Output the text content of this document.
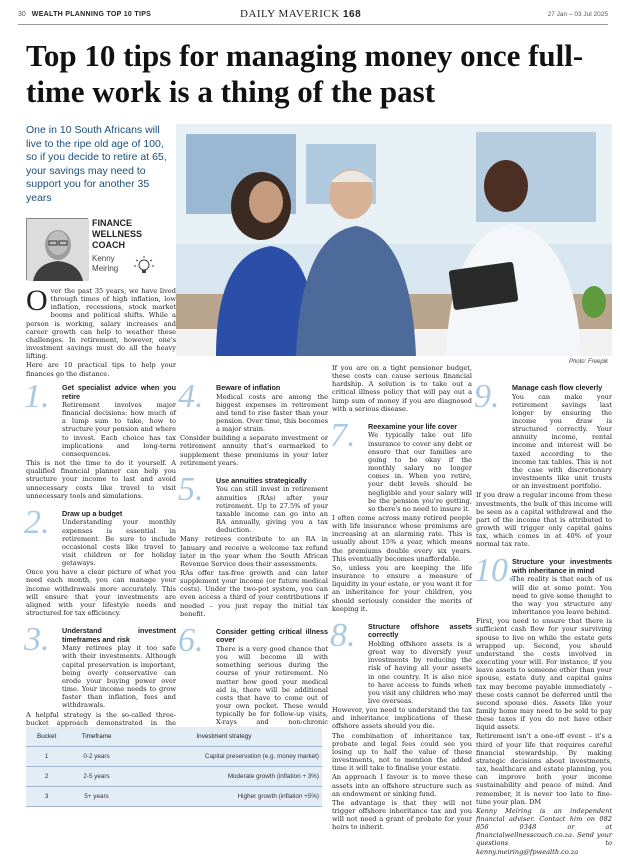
30 WEALTH PLANNING TOP 10 TIPS	DAILY MAVERICK 168	27 Jan – 03 Jul 2025
Top 10 tips for managing money once full-time work is a thing of the past
One in 10 South Africans will live to the ripe old age of 100, so if you decide to retire at 65, your savings may need to support you for another 35 years
Photo: Freepik
FINANCE
WELLNESS
COACH
Kenny
Meiring

Over the past 35 years, we have lived through times of high inflation, low inflation, recessions, stock market booms and political shifts. While a person is working, salary increases and career growth can help to weather these challenges. In retirement, however, one's investment savings must do all the heavy lifting.

Here are 10 practical tips to help your finances go the distance.

1.	Get specialist advice when you retire

Retirement involves major financial decisions: how much of a lump sum to take, how to structure your pension and where to invest. Each choice has tax implications and long-term consequences.

This is not the time to do it yourself. A qualified financial planner can help you structure your income to last and avoid unnecessary costs like travel to visit unnecessary tools and simulations.

2.	Draw up a budget

Understanding your monthly expenses is essential in retirement. Be sure to include occasional costs like travel to visit children or for holiday getaways.

Once you have a clear picture of what you need each month, you can manage your income withdrawals more accurately. This will ensure that your investments are aligned with your lifestyle needs and structured for tax efficiency.

3.	Understand investment timeframes and risk

Many retirees play it too safe with their investments. Although capital preservation is important, being overly conservative can erode your buying power over time. Your income needs to grow faster than inflation, fees and withdrawals.

A helpful strategy is the so-called three-bucket approach demonstrated in the

4.	Beware of inflation

Medical costs are among the biggest expenses in retirement and tend to rise faster than your pension. Over time, this becomes a major strain.

Consider building a separate investment or retirement annuity that's earmarked to supplement these premiums in your later retirement years.

5.	Use annuities strategically

You can still invest in retirement annuities (RAs) after your retirement. Up to 27.5% of your taxable income can go into an RA annually, giving you a tax deduction.

Many retirees contribute to an RA in January and receive a welcome tax refund later in the year when the South African Revenue Service does their assessments.

RAs offer tax-free growth and can later supplement your income (or future medical costs). Under the two-pot system, you can even access a third of your contributions if needed – you just repay the initial tax benefit.

6.	Consider getting critical illness cover

There is a very good chance that you will become ill with something serious during the course of your retirement. No matter how good your medical aid is, there will be additional costs that have to come out of your own pocket. These would typically be for follow-up visits, X-rays and non-chronic

If you are on a tight pensioner budget, these costs can cause serious financial hardship. A solution is to take out a critical illness policy that will pay out a lump sum of money if you are diagnosed with a serious disease.

7.	Reexamine your life cover

We typically take out life insurance to cover any debt or ensure that our families are going to be okay if the monthly salary no longer comes in. When you retire, your debt levels should be negligible and your salary will be the pension you're getting, so there's no need to insure it.

I often come across many retired people with life insurance whose premiums are increasing at an alarming rate. This is usually about 15% a year, which means the premiums double every six years. This eventually becomes unaffordable.

So, unless you are keeping the life insurance to ensure a measure of liquidity in your estate, or you want it for an inheritance for your children, you should seriously consider the merits of keeping it.

8.	Structure offshore assets correctly

Holding offshore assets is a great way to diversify your investments by reducing the risk of having all your assets in one country. It is also nice to have access to funds when you visit any children who may live overseas.

However, you need to understand the tax and inheritance implications of these offshore assets should you die.

The combination of inheritance tax, probate and legal fees could see you losing up to half the value of these investments, not to mention the added time it will take to finalise your estate.

An approach I favour is to move these assets into an offshore structure such as an endowment or sinking fund.

The advantage is that they will not trigger offshore inheritance tax and you will not need a grant of probate for your heirs to inherit.

9.	Manage cash flow cleverly

You can make your retirement savings last longer by ensuring the income you draw is structured correctly. Your annuity income, rental income and interest will be taxed according to the income tax tables. This is not the case with discretionary investments like unit trusts or an investment portfolio.

If you draw a regular income from these investments, the bulk of this income will be seen as a capital withdrawal and the part of the income that is attributed to growth will trigger only capital gains tax, which comes in at 40% of your normal tax rate.

10.
Structure your investments with inheritance in mind

The reality is that each of us will die at some point. You need to give some thought to the way you structure any inheritance you leave behind.

First, you need to ensure that there is sufficient cash flow for your surviving spouse to live on while the estate gets wrapped up. Second, you should understand the costs involved in executing your will. For instance, if you leave assets to someone other than your spouse, estate duty and capital gains tax may become payable immediately – these costs cannot be deferred until the second spouse dies. Assets like your family home may need to be sold to pay these taxes if you do not have other liquid assets.

Retirement isn't a one-off event – it's a third of your life that requires careful financial stewardship. By making strategic decisions about investments, tax, healthcare and estate planning, you can improve both your income sustainability and peace of mind. And remember, it is never too late to fine-tune your plan. DM

Kenny Meiring is an independent financial adviser. Contact him on 082 856 0348 or at financialwellnesscoach.co.za. Send your questions to kenny.meiring@fpwealth.co.za

Bucket	Timeframe	Investment strategy
1	0-2 years	Capital preservation (e.g. money market)
2	2-5 years	Moderate growth (inflation + 3%)
3	5+ years	Higher growth (inflation +5%)
